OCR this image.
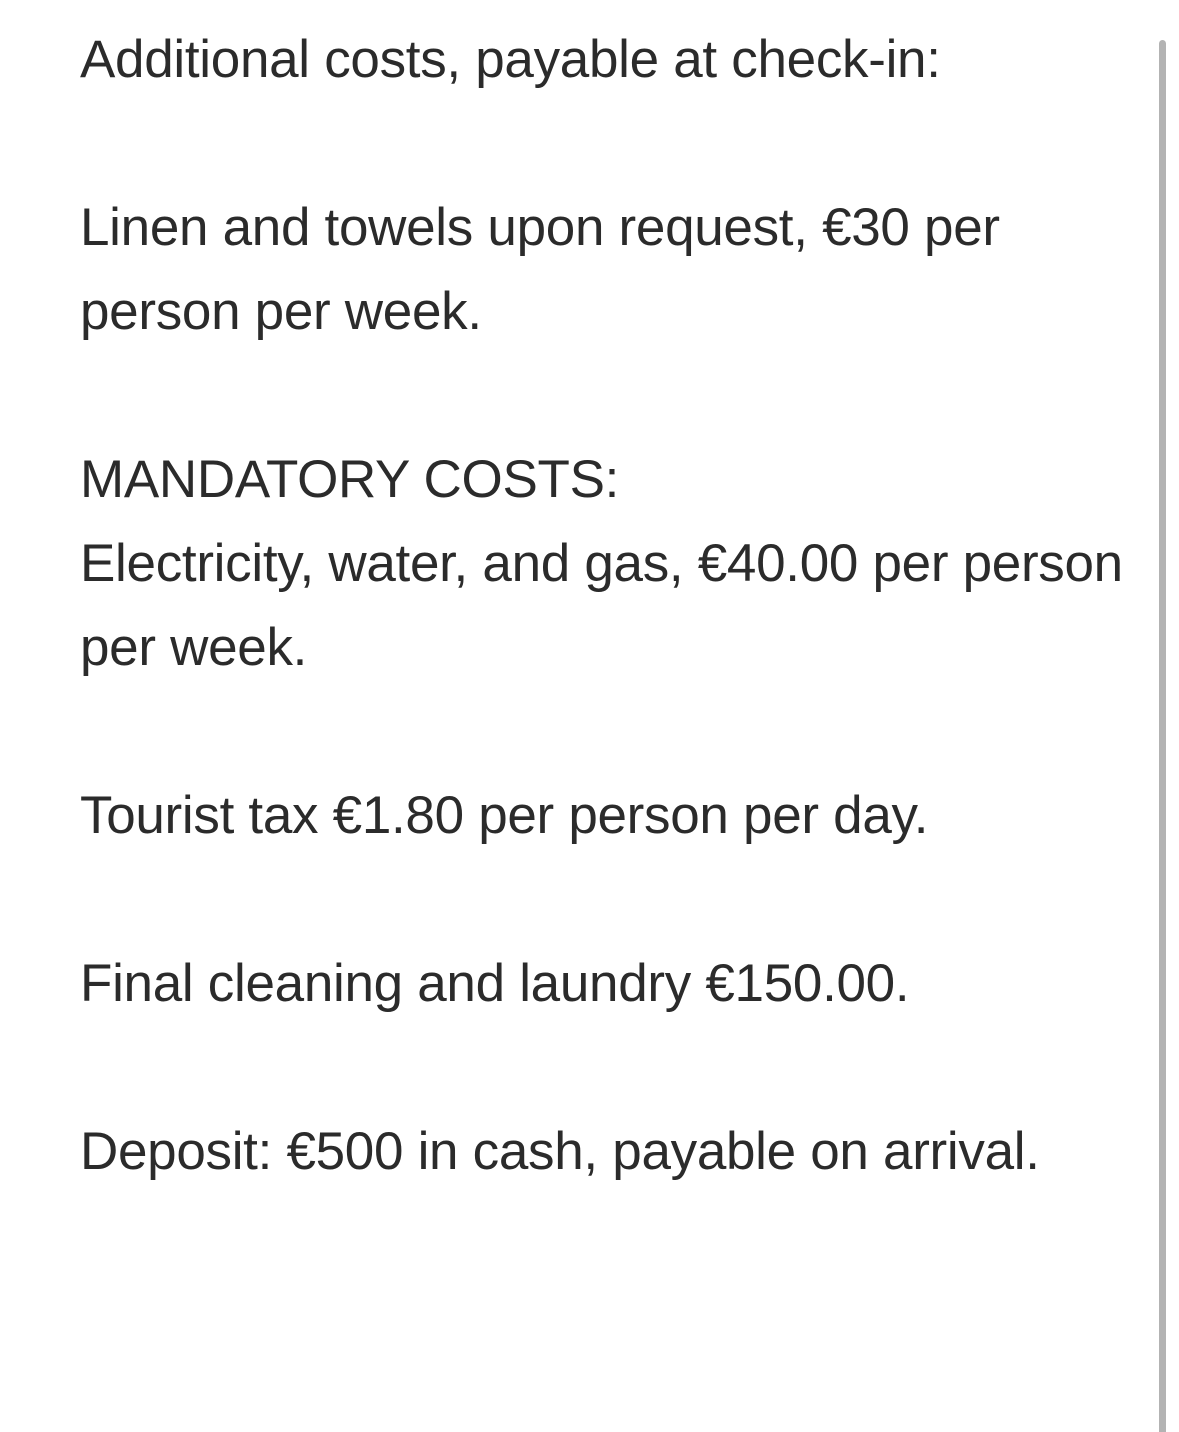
Additional costs, payable at check-in:

Linen and towels upon request, €30 per person per week.

MANDATORY COSTS:

Electricity, water, and gas, €40.00 per person per week.

Tourist tax €1.80 per person per day.

Final cleaning and laundry €150.00.

Deposit: €500 in cash, payable on arrival.
